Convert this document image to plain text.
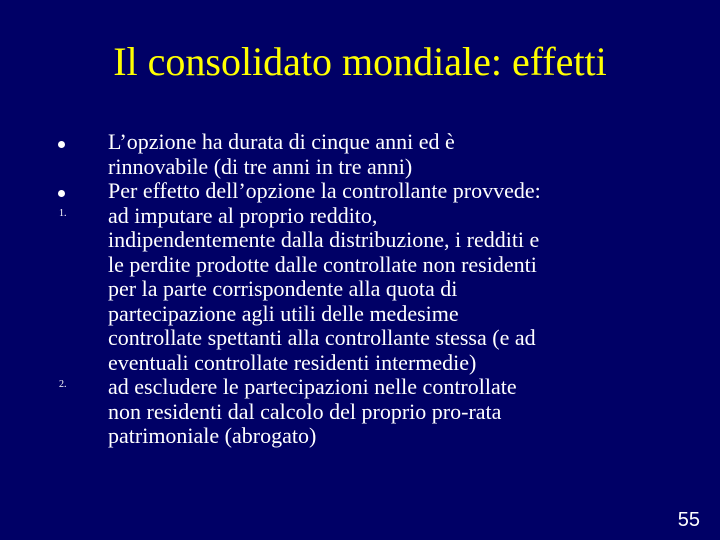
Il consolidato mondiale: effetti
L’opzione ha durata di cinque anni ed è
rinnovabile (di tre anni in tre anni)
Per effetto dell’opzione la controllante provvede:
1. ad imputare al proprio reddito,
indipendentemente dalla distribuzione, i redditi e
le perdite prodotte dalle controllate non residenti
per la parte corrispondente alla quota di
partecipazione agli utili delle medesime
controllate spettanti alla controllante stessa (e ad
eventuali controllate residenti intermedie)
2. ad escludere le partecipazioni nelle controllate
non residenti dal calcolo del proprio pro-rata
patrimoniale (abrogato)
55
